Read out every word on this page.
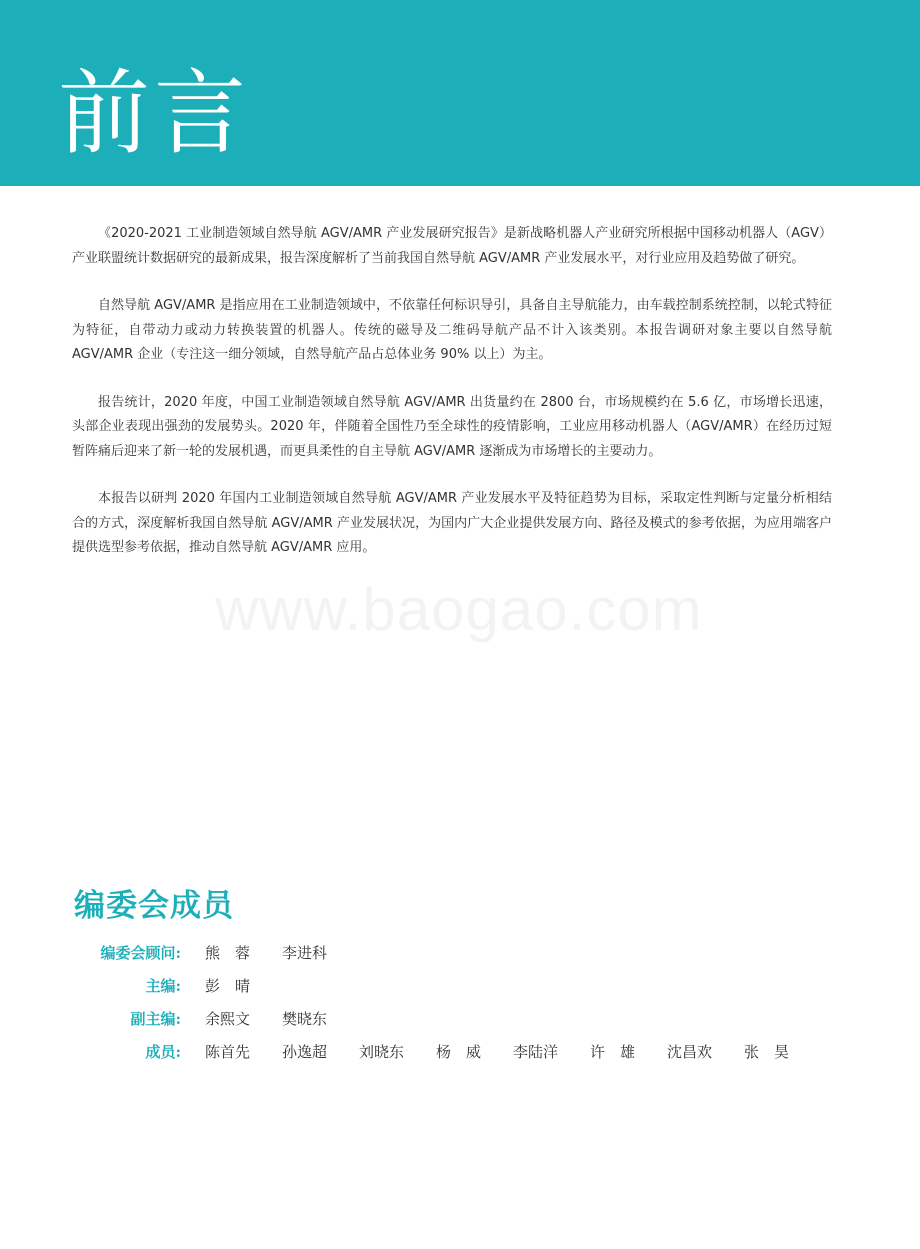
前言

《2020-2021 工业制造领域自然导航 AGV/AMR 产业发展研究报告》是新战略机器人产业研究所根据中国移动机器人（AGV）产业联盟统计数据研究的最新成果，报告深度解析了当前我国自然导航 AGV/AMR 产业发展水平，对行业应用及趋势做了研究。

自然导航 AGV/AMR 是指应用在工业制造领域中，不依靠任何标识导引，具备自主导航能力，由车载控制系统控制，以轮式特征为特征，自带动力或动力转换装置的机器人。传统的磁导及二维码导航产品不计入该类别。本报告调研对象主要以自然导航 AGV/AMR 企业（专注这一细分领域，自然导航产品占总体业务 90% 以上）为主。

报告统计，2020 年度，中国工业制造领域自然导航 AGV/AMR 出货量约在 2800 台，市场规模约在 5.6 亿，市场增长迅速，头部企业表现出强劲的发展势头。2020 年，伴随着全国性乃至全球性的疫情影响，工业应用移动机器人（AGV/AMR）在经历过短暂阵痛后迎来了新一轮的发展机遇，而更具柔性的自主导航 AGV/AMR 逐渐成为市场增长的主要动力。

本报告以研判 2020 年国内工业制造领域自然导航 AGV/AMR 产业发展水平及特征趋势为目标，采取定性判断与定量分析相结合的方式，深度解析我国自然导航 AGV/AMR 产业发展状况，为国内广大企业提供发展方向、路径及模式的参考依据，为应用端客户提供选型参考依据，推动自然导航 AGV/AMR 应用。

编委会成员
编委会顾问: 熊　蓉	李进科
主编: 彭　晴
副主编: 余熙文	樊晓东
成员: 陈首先	孙逸超	刘晓东	杨　威	李陆洋	许　雄	沈昌欢	张　昊
